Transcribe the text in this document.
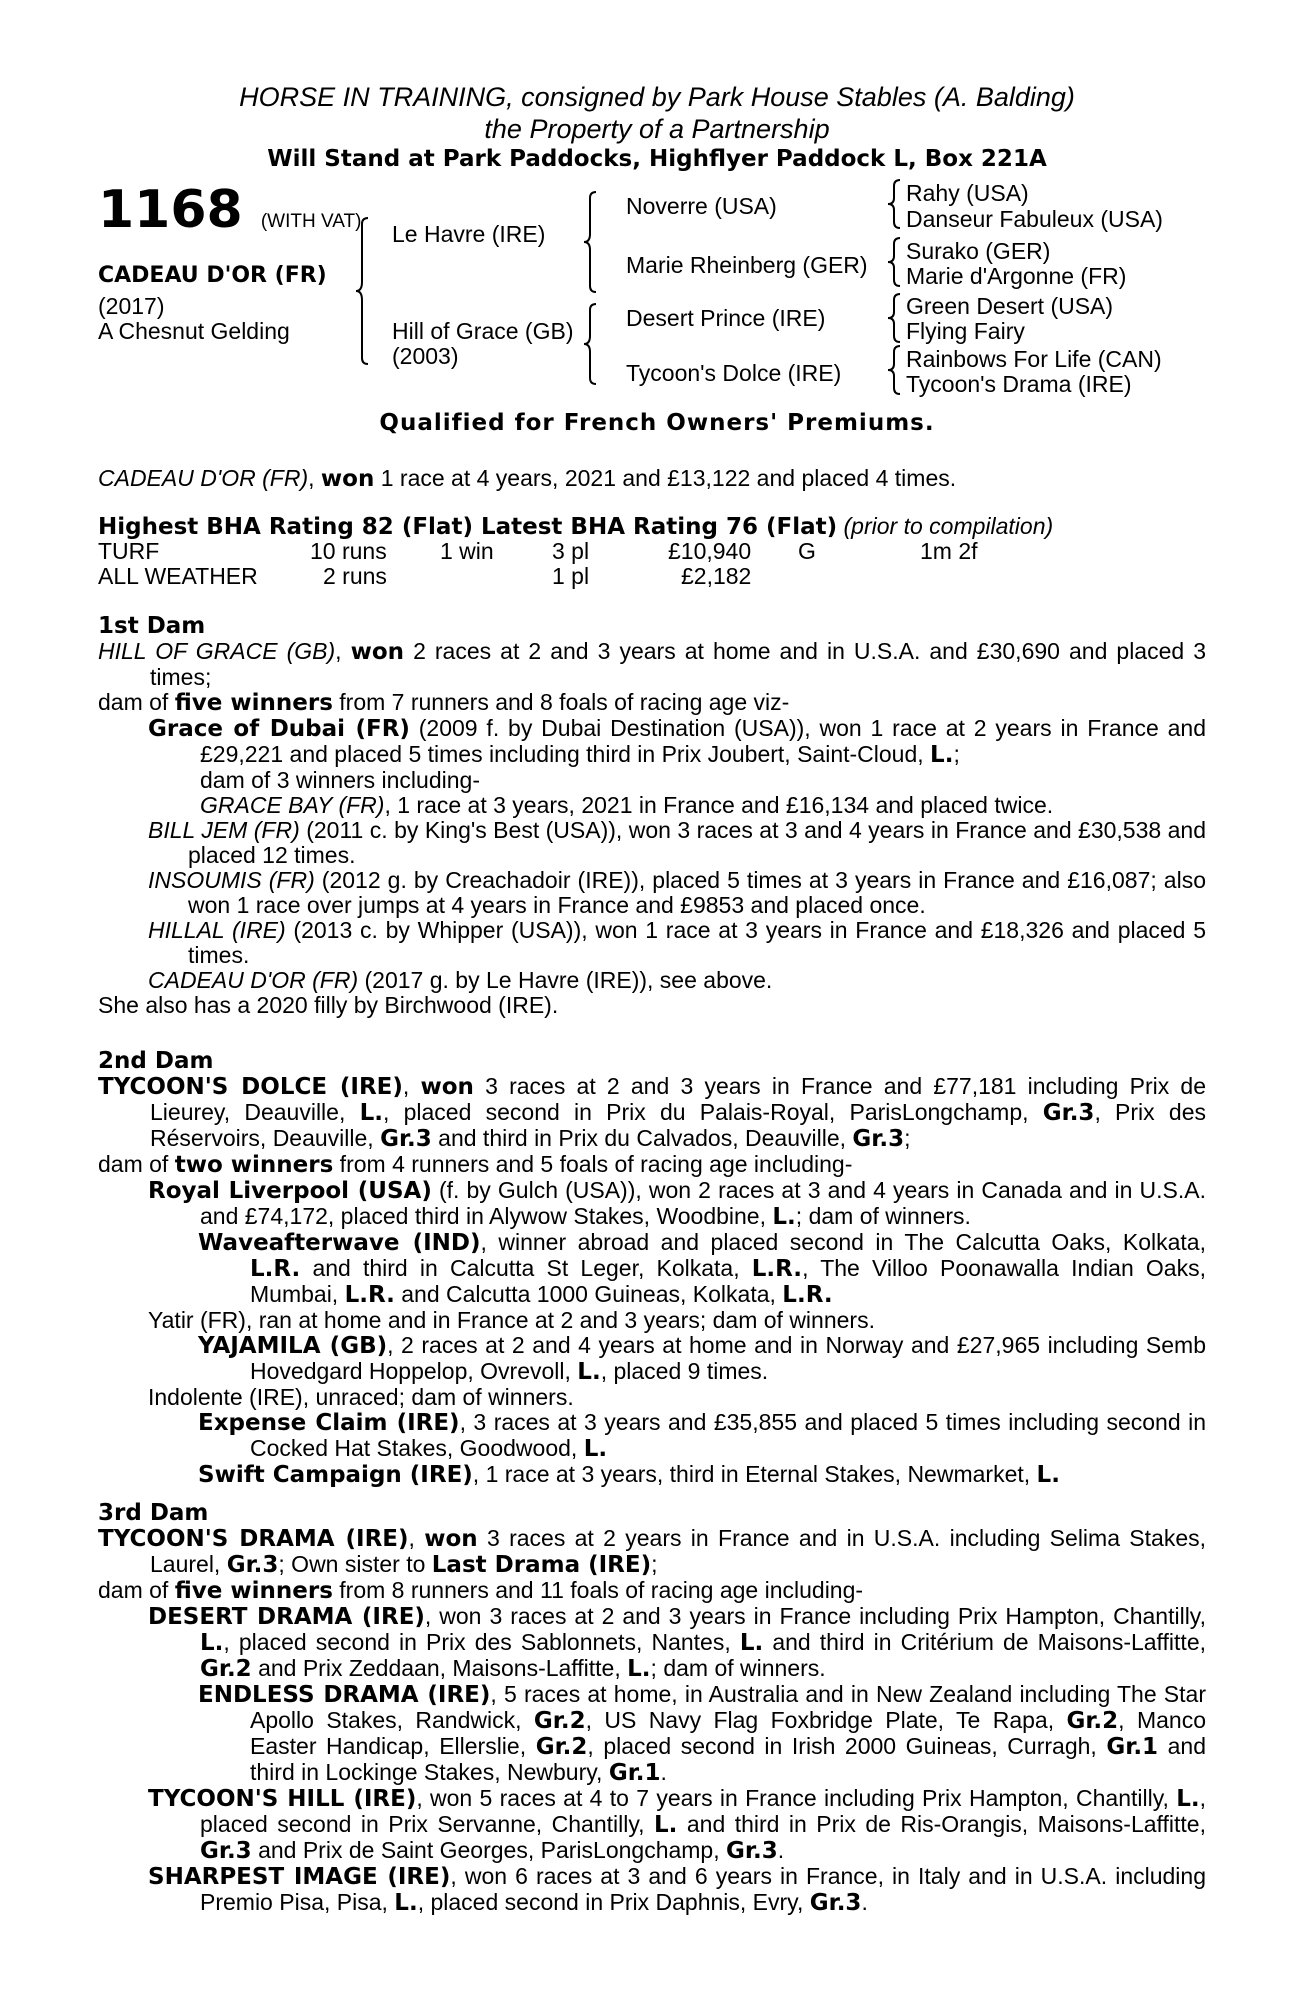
HORSE IN TRAINING, consigned by Park House Stables (A. Balding)
the Property of a Partnership
Will Stand at Park Paddocks, Highflyer Paddock L, Box 221A
1168 (WITH VAT)
CADEAU D'OR (FR)
(2017)
A Chesnut Gelding
Le Havre (IRE)
Hill of Grace (GB)
(2003)
Noverre (USA)
Marie Rheinberg (GER)
Desert Prince (IRE)
Tycoon's Dolce (IRE)
Rahy (USA)
Danseur Fabuleux (USA)
Surako (GER)
Marie d'Argonne (FR)
Green Desert (USA)
Flying Fairy
Rainbows For Life (CAN)
Tycoon's Drama (IRE)
Qualified for French Owners' Premiums.
CADEAU D'OR (FR), won 1 race at 4 years, 2021 and £13,122 and placed 4 times.
Highest BHA Rating 82 (Flat) Latest BHA Rating 76 (Flat) (prior to compilation)
TURF	10 runs 1 win	3 pl	£10,940 G	1m 2f
ALL WEATHER	2 runs	1 pl	£2,182

1st Dam

HILL OF GRACE (GB), won 2 races at 2 and 3 years at home and in U.S.A. and £30,690 and placed 3 times;

dam of five winners from 7 runners and 8 foals of racing age viz-

Grace of Dubai (FR) (2009 f. by Dubai Destination (USA)), won 1 race at 2 years in France and £29,221 and placed 5 times including third in Prix Joubert, Saint-Cloud, L.;

dam of 3 winners including-

GRACE BAY (FR), 1 race at 3 years, 2021 in France and £16,134 and placed twice.

BILL JEM (FR) (2011 c. by King's Best (USA)), won 3 races at 3 and 4 years in France and £30,538 and placed 12 times.

INSOUMIS (FR) (2012 g. by Creachadoir (IRE)), placed 5 times at 3 years in France and £16,087; also won 1 race over jumps at 4 years in France and £9853 and placed once.

HILLAL (IRE) (2013 c. by Whipper (USA)), won 1 race at 3 years in France and £18,326 and placed 5 times.

CADEAU D'OR (FR) (2017 g. by Le Havre (IRE)), see above.

She also has a 2020 filly by Birchwood (IRE).

2nd Dam

TYCOON'S DOLCE (IRE), won 3 races at 2 and 3 years in France and £77,181 including Prix de Lieurey, Deauville, L., placed second in Prix du Palais-Royal, ParisLongchamp, Gr.3, Prix des Réservoirs, Deauville, Gr.3 and third in Prix du Calvados, Deauville, Gr.3;

dam of two winners from 4 runners and 5 foals of racing age including-

Royal Liverpool (USA) (f. by Gulch (USA)), won 2 races at 3 and 4 years in Canada and in U.S.A. and £74,172, placed third in Alywow Stakes, Woodbine, L.; dam of winners.

Waveafterwave (IND), winner abroad and placed second in The Calcutta Oaks, Kolkata, L.R. and third in Calcutta St Leger, Kolkata, L.R., The Villoo Poonawalla Indian Oaks, Mumbai, L.R. and Calcutta 1000 Guineas, Kolkata, L.R.

Yatir (FR), ran at home and in France at 2 and 3 years; dam of winners.

YAJAMILA (GB), 2 races at 2 and 4 years at home and in Norway and £27,965 including Semb Hovedgard Hoppelop, Ovrevoll, L., placed 9 times.

Indolente (IRE), unraced; dam of winners.

Expense Claim (IRE), 3 races at 3 years and £35,855 and placed 5 times including second in Cocked Hat Stakes, Goodwood, L.

Swift Campaign (IRE), 1 race at 3 years, third in Eternal Stakes, Newmarket, L.

3rd Dam

TYCOON'S DRAMA (IRE), won 3 races at 2 years in France and in U.S.A. including Selima Stakes, Laurel, Gr.3; Own sister to Last Drama (IRE);

dam of five winners from 8 runners and 11 foals of racing age including-

DESERT DRAMA (IRE), won 3 races at 2 and 3 years in France including Prix Hampton, Chantilly, L., placed second in Prix des Sablonnets, Nantes, L. and third in Critérium de Maisons-Laffitte, Gr.2 and Prix Zeddaan, Maisons-Laffitte, L.; dam of winners.

ENDLESS DRAMA (IRE), 5 races at home, in Australia and in New Zealand including The Star Apollo Stakes, Randwick, Gr.2, US Navy Flag Foxbridge Plate, Te Rapa, Gr.2, Manco Easter Handicap, Ellerslie, Gr.2, placed second in Irish 2000 Guineas, Curragh, Gr.1 and third in Lockinge Stakes, Newbury, Gr.1.

TYCOON'S HILL (IRE), won 5 races at 4 to 7 years in France including Prix Hampton, Chantilly, L., placed second in Prix Servanne, Chantilly, L. and third in Prix de Ris-Orangis, Maisons-Laffitte, Gr.3 and Prix de Saint Georges, ParisLongchamp, Gr.3.

SHARPEST IMAGE (IRE), won 6 races at 3 and 6 years in France, in Italy and in U.S.A. including Premio Pisa, Pisa, L., placed second in Prix Daphnis, Evry, Gr.3.
